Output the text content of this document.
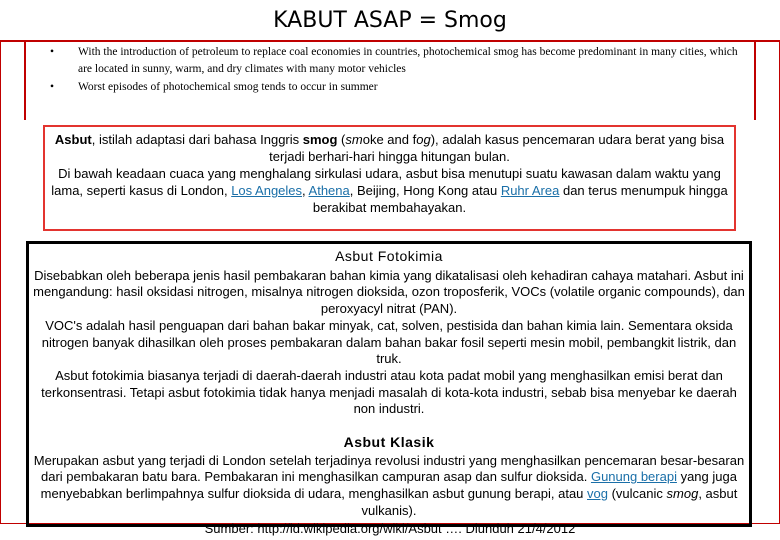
KABUT ASAP = Smog
• With the introduction of petroleum to replace coal economies in countries, photochemical smog has become predominant in many cities, which are located in sunny, warm, and dry climates with many motor vehicles
• Worst episodes of photochemical smog tends to occur in summer

Asbut, istilah adaptasi dari bahasa Inggris smog (smoke and fog), adalah kasus pencemaran udara berat yang bisa terjadi berhari-hari hingga hitungan bulan.

Di bawah keadaan cuaca yang menghalang sirkulasi udara, asbut bisa menutupi suatu kawasan dalam waktu yang lama, seperti kasus di London, Los Angeles, Athena, Beijing, Hong Kong atau Ruhr Area dan terus menumpuk hingga berakibat membahayakan.

Asbut Fotokimia

Disebabkan oleh beberapa jenis hasil pembakaran bahan kimia yang dikatalisasi oleh kehadiran cahaya matahari. Asbut ini mengandung: hasil oksidasi nitrogen, misalnya nitrogen dioksida, ozon troposferik, VOCs (volatile organic compounds), dan peroxyacyl nitrat (PAN).

VOC's adalah hasil penguapan dari bahan bakar minyak, cat, solven, pestisida dan bahan kimia lain. Sementara oksida nitrogen banyak dihasilkan oleh proses pembakaran dalam bahan bakar fosil seperti mesin mobil, pembangkit listrik, dan truk.

Asbut fotokimia biasanya terjadi di daerah-daerah industri atau kota padat mobil yang menghasilkan emisi berat dan terkonsentrasi. Tetapi asbut fotokimia tidak hanya menjadi masalah di kota-kota industri, sebab bisa menyebar ke daerah non industri.

Asbut Klasik

Merupakan asbut yang terjadi di London setelah terjadinya revolusi industri yang menghasilkan pencemaran besar-besaran dari pembakaran batu bara. Pembakaran ini menghasilkan campuran asap dan sulfur dioksida. Gunung berapi yang juga menyebabkan berlimpahnya sulfur dioksida di udara, menghasilkan asbut gunung berapi, atau vog (vulcanic smog, asbut vulkanis).

Sumber: http://id.wikipedia.org/wiki/Asbut …. Diunduh 21/4/2012
